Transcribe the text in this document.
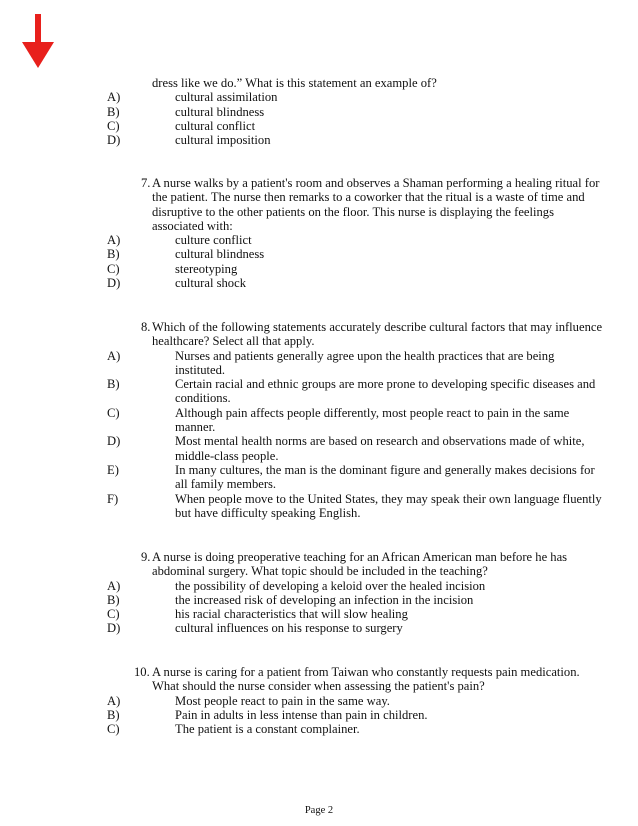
dress like we do.” What is this statement an example of?
A)	cultural assimilation
B)	cultural blindness
C)	cultural conflict
D)	cultural imposition
7. A nurse walks by a patient's room and observes a Shaman performing a healing ritual for the patient. The nurse then remarks to a coworker that the ritual is a waste of time and disruptive to the other patients on the floor. This nurse is displaying the feelings associated with:
A)	culture conflict
B)	cultural blindness
C)	stereotyping
D)	cultural shock
8. Which of the following statements accurately describe cultural factors that may influence healthcare? Select all that apply.
A)	Nurses and patients generally agree upon the health practices that are being instituted.
B)	Certain racial and ethnic groups are more prone to developing specific diseases and conditions.
C)	Although pain affects people differently, most people react to pain in the same manner.
D)	Most mental health norms are based on research and observations made of white, middle-class people.
E)	In many cultures, the man is the dominant figure and generally makes decisions for all family members.
F)	When people move to the United States, they may speak their own language fluently but have difficulty speaking English.
9. A nurse is doing preoperative teaching for an African American man before he has abdominal surgery. What topic should be included in the teaching?
A)	the possibility of developing a keloid over the healed incision
B)	the increased risk of developing an infection in the incision
C)	his racial characteristics that will slow healing
D)	cultural influences on his response to surgery
10. A nurse is caring for a patient from Taiwan who constantly requests pain medication. What should the nurse consider when assessing the patient's pain?
A)	Most people react to pain in the same way.
B)	Pain in adults in less intense than pain in children.
C)	The patient is a constant complainer.
Page 2
